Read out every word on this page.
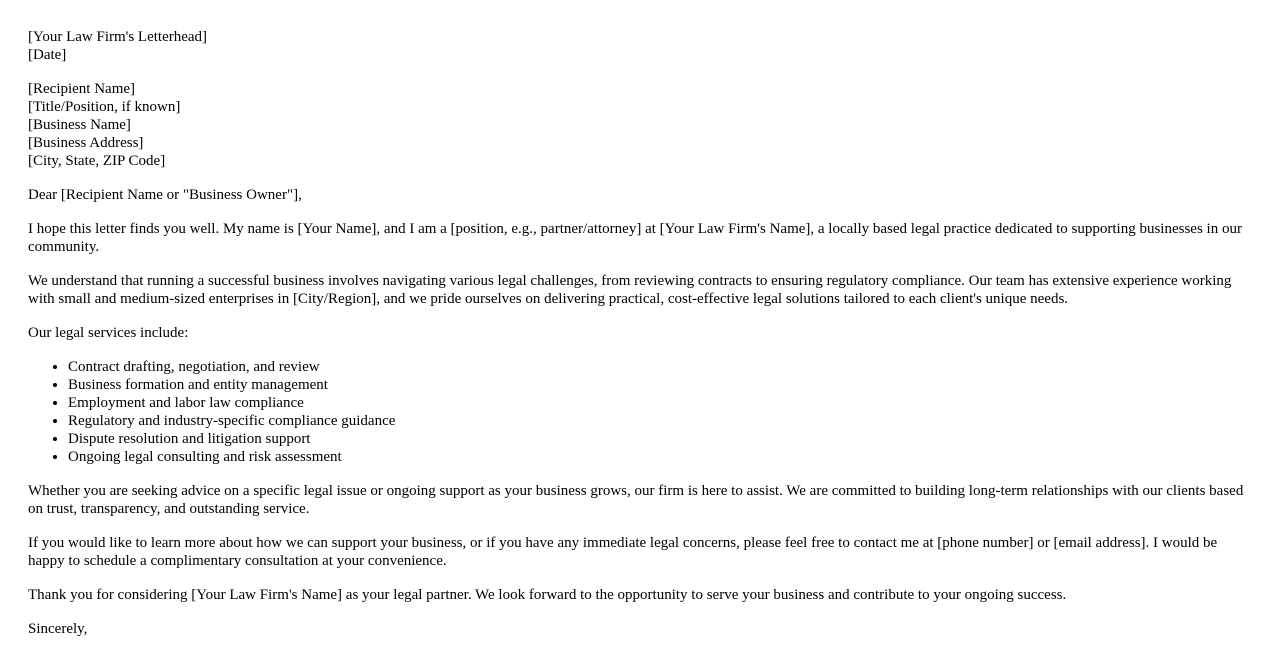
[Your Law Firm's Letterhead]
[Date]
[Recipient Name]
[Title/Position, if known]
[Business Name]
[Business Address]
[City, State, ZIP Code]

Dear [Recipient Name or "Business Owner"],

I hope this letter finds you well. My name is [Your Name], and I am a [position, e.g., partner/attorney] at [Your Law Firm's Name], a locally based legal practice dedicated to supporting businesses in our community.

We understand that running a successful business involves navigating various legal challenges, from reviewing contracts to ensuring regulatory compliance. Our team has extensive experience working with small and medium-sized enterprises in [City/Region], and we pride ourselves on delivering practical, cost-effective legal solutions tailored to each client's unique needs.

Our legal services include:

• Contract drafting, negotiation, and review
• Business formation and entity management
• Employment and labor law compliance
• Regulatory and industry-specific compliance guidance
• Dispute resolution and litigation support
• Ongoing legal consulting and risk assessment

Whether you are seeking advice on a specific legal issue or ongoing support as your business grows, our firm is here to assist. We are committed to building long-term relationships with our clients based on trust, transparency, and outstanding service.

If you would like to learn more about how we can support your business, or if you have any immediate legal concerns, please feel free to contact me at [phone number] or [email address]. I would be happy to schedule a complimentary consultation at your convenience.

Thank you for considering [Your Law Firm's Name] as your legal partner. We look forward to the opportunity to serve your business and contribute to your ongoing success.

Sincerely,
